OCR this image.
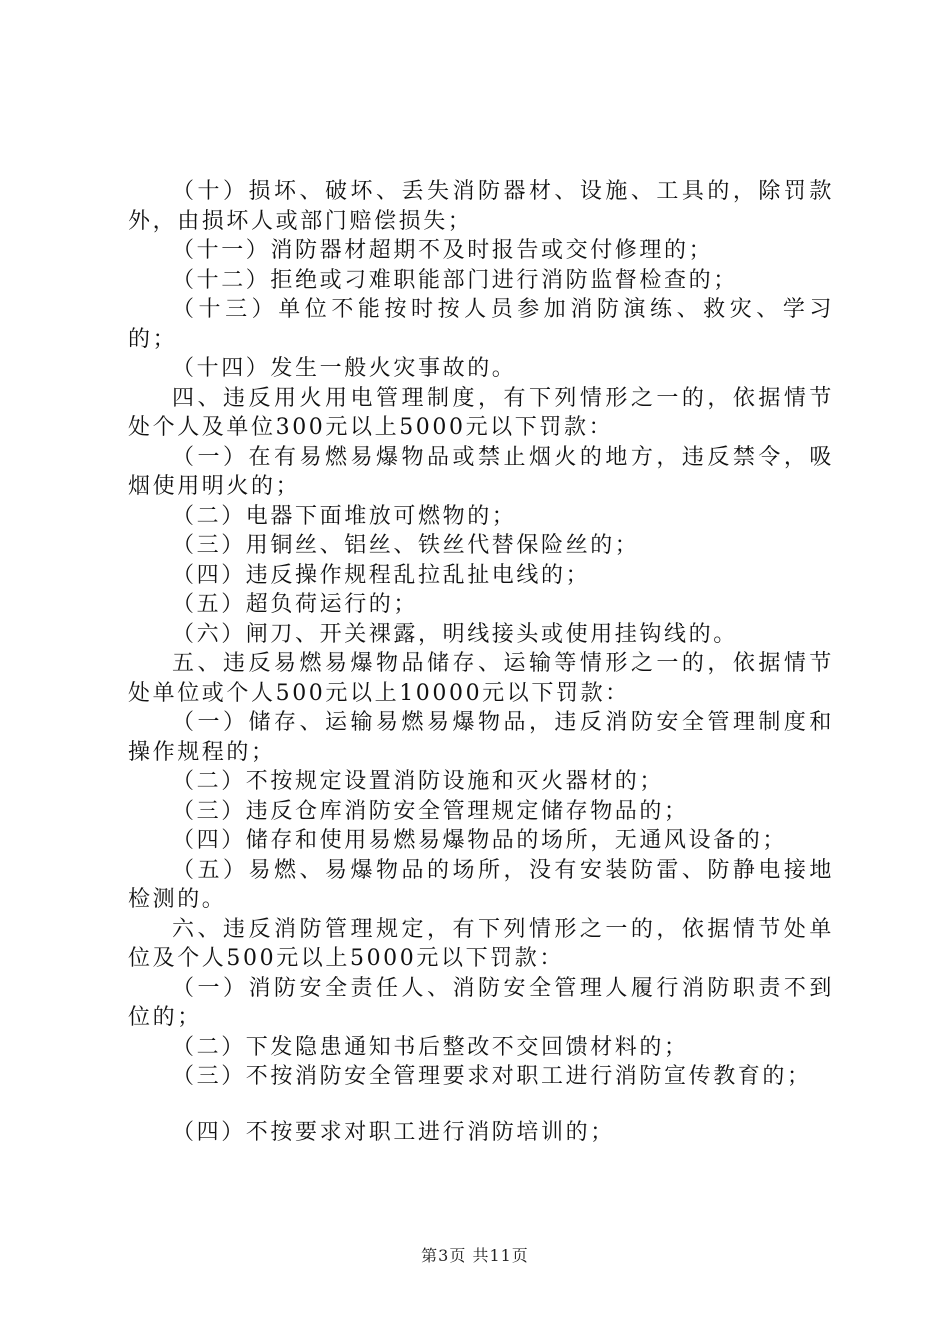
（十）损坏、破坏、丢失消防器材、设施、工具的，除罚款外，由损坏人或部门赔偿损失；

（十一）消防器材超期不及时报告或交付修理的；

（十二）拒绝或刁难职能部门进行消防监督检查的；

（十三）单位不能按时按人员参加消防演练、救灾、学习的；

（十四）发生一般火灾事故的。

四、违反用火用电管理制度，有下列情形之一的，依据情节处个人及单位300元以上5000元以下罚款：

（一）在有易燃易爆物品或禁止烟火的地方，违反禁令，吸烟使用明火的；

（二）电器下面堆放可燃物的；

（三）用铜丝、铝丝、铁丝代替保险丝的；

（四）违反操作规程乱拉乱扯电线的；

（五）超负荷运行的；

（六）闸刀、开关裸露，明线接头或使用挂钩线的。

五、违反易燃易爆物品储存、运输等情形之一的，依据情节处单位或个人500元以上10000元以下罚款：

（一）储存、运输易燃易爆物品，违反消防安全管理制度和操作规程的；

（二）不按规定设置消防设施和灭火器材的；

（三）违反仓库消防安全管理规定储存物品的；

（四）储存和使用易燃易爆物品的场所，无通风设备的；

（五）易燃、易爆物品的场所，没有安装防雷、防静电接地检测的。

六、违反消防管理规定，有下列情形之一的，依据情节处单位及个人500元以上5000元以下罚款：

（一）消防安全责任人、消防安全管理人履行消防职责不到位的；

（二）下发隐患通知书后整改不交回馈材料的；

（三）不按消防安全管理要求对职工进行消防宣传教育的；

（四）不按要求对职工进行消防培训的；

第3页 共11页
